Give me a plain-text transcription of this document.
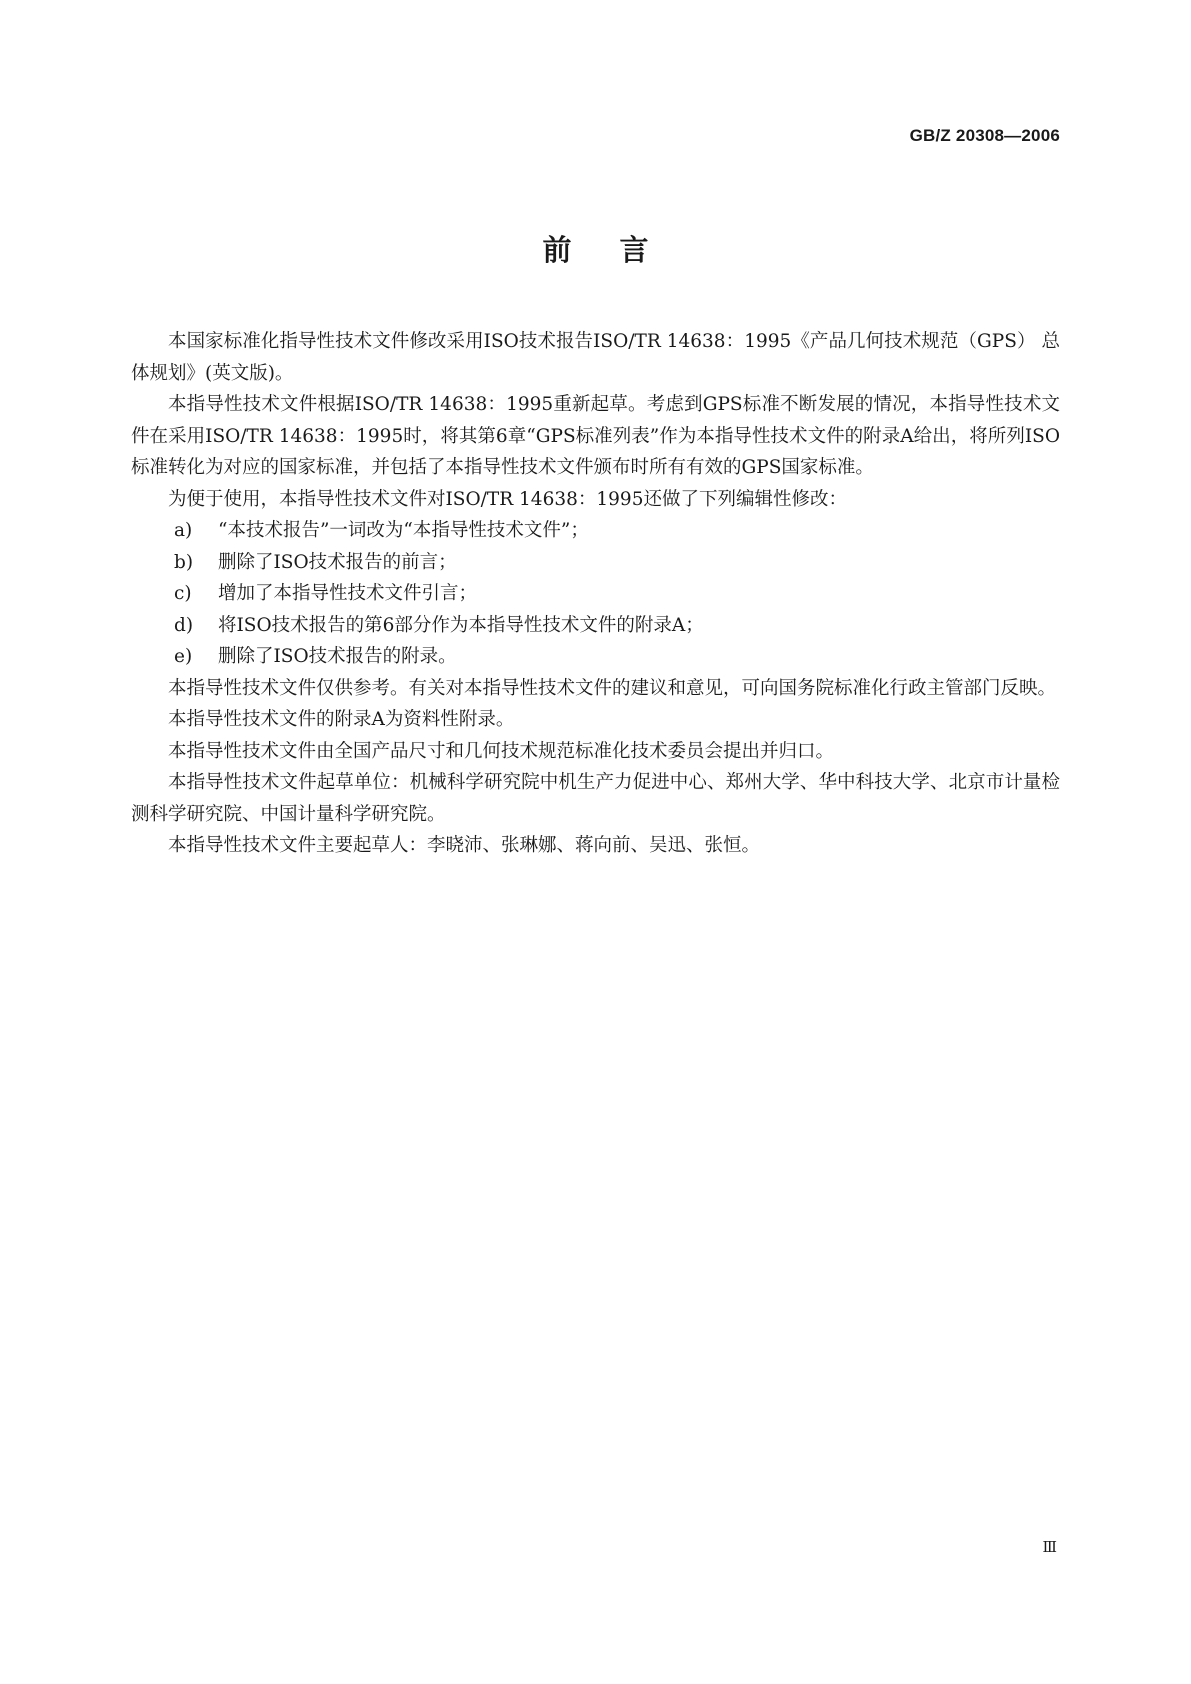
GB/Z 20308—2006
前言

本国家标准化指导性技术文件修改采用ISO技术报告ISO/TR 14638：1995《产品几何技术规范（GPS） 总体规划》(英文版)。

本指导性技术文件根据ISO/TR 14638：1995重新起草。考虑到GPS标准不断发展的情况，本指导性技术文件在采用ISO/TR 14638：1995时，将其第6章“GPS标准列表”作为本指导性技术文件的附录A给出，将所列ISO标准转化为对应的国家标准，并包括了本指导性技术文件颁布时所有有效的GPS国家标准。

为便于使用，本指导性技术文件对ISO/TR 14638：1995还做了下列编辑性修改：

a) “本技术报告”一词改为“本指导性技术文件”；

b) 删除了ISO技术报告的前言；

c) 增加了本指导性技术文件引言；

d) 将ISO技术报告的第6部分作为本指导性技术文件的附录A；

e) 删除了ISO技术报告的附录。

本指导性技术文件仅供参考。有关对本指导性技术文件的建议和意见，可向国务院标准化行政主管部门反映。

本指导性技术文件的附录A为资料性附录。

本指导性技术文件由全国产品尺寸和几何技术规范标准化技术委员会提出并归口。

本指导性技术文件起草单位：机械科学研究院中机生产力促进中心、郑州大学、华中科技大学、北京市计量检测科学研究院、中国计量科学研究院。

本指导性技术文件主要起草人：李晓沛、张琳娜、蒋向前、吴迅、张恒。

Ⅲ
